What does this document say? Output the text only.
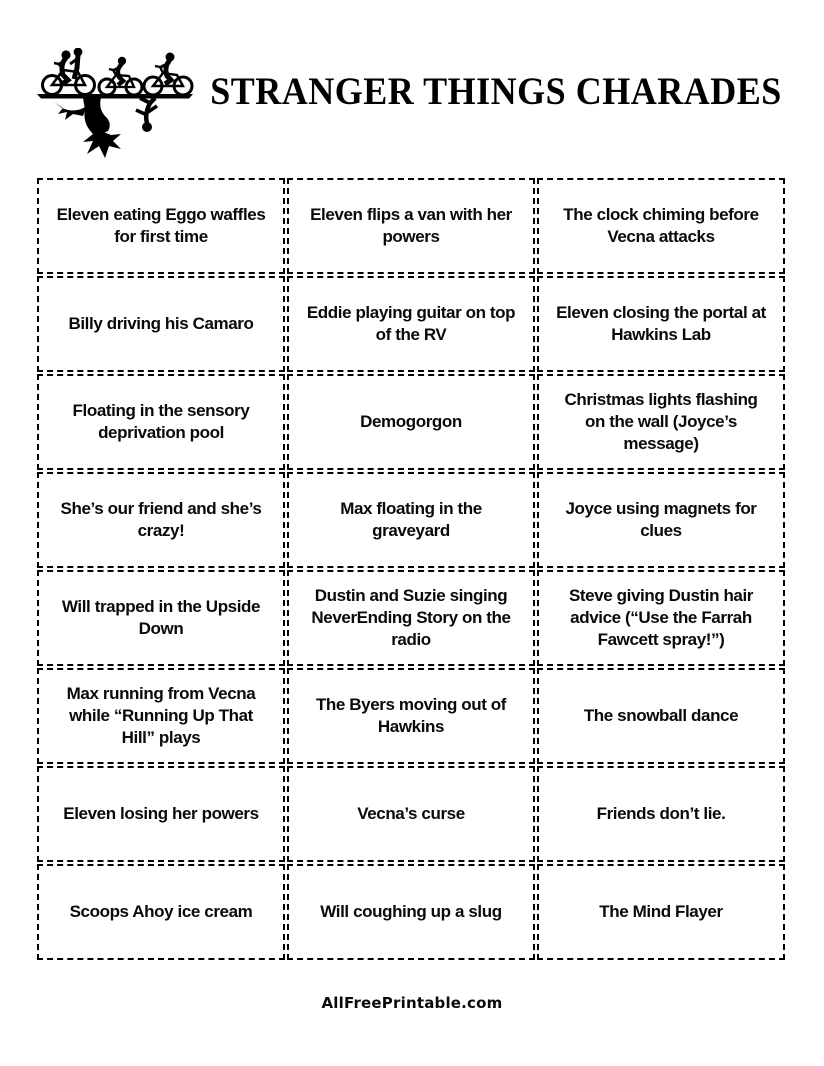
STRANGER THINGS CHARADES
Eleven eating Eggo waffles for first time
Eleven flips a van with her powers
The clock chiming before Vecna attacks
Billy driving his Camaro
Eddie playing guitar on top of the RV
Eleven closing the portal at Hawkins Lab
Floating in the sensory deprivation pool
Demogorgon
Christmas lights flashing on the wall (Joyce’s message)
She’s our friend and she’s crazy!
Max floating in the graveyard
Joyce using magnets for clues
Will trapped in the Upside Down
Dustin and Suzie singing NeverEnding Story on the radio
Steve giving Dustin hair advice (“Use the Farrah Fawcett spray!”)
Max running from Vecna while “Running Up That Hill” plays
The Byers moving out of Hawkins
The snowball dance
Eleven losing her powers	Vecna’s curse	Friends don’t lie.
Scoops Ahoy ice cream	Will coughing up a slug	The Mind Flayer
AllFreePrintable.com
